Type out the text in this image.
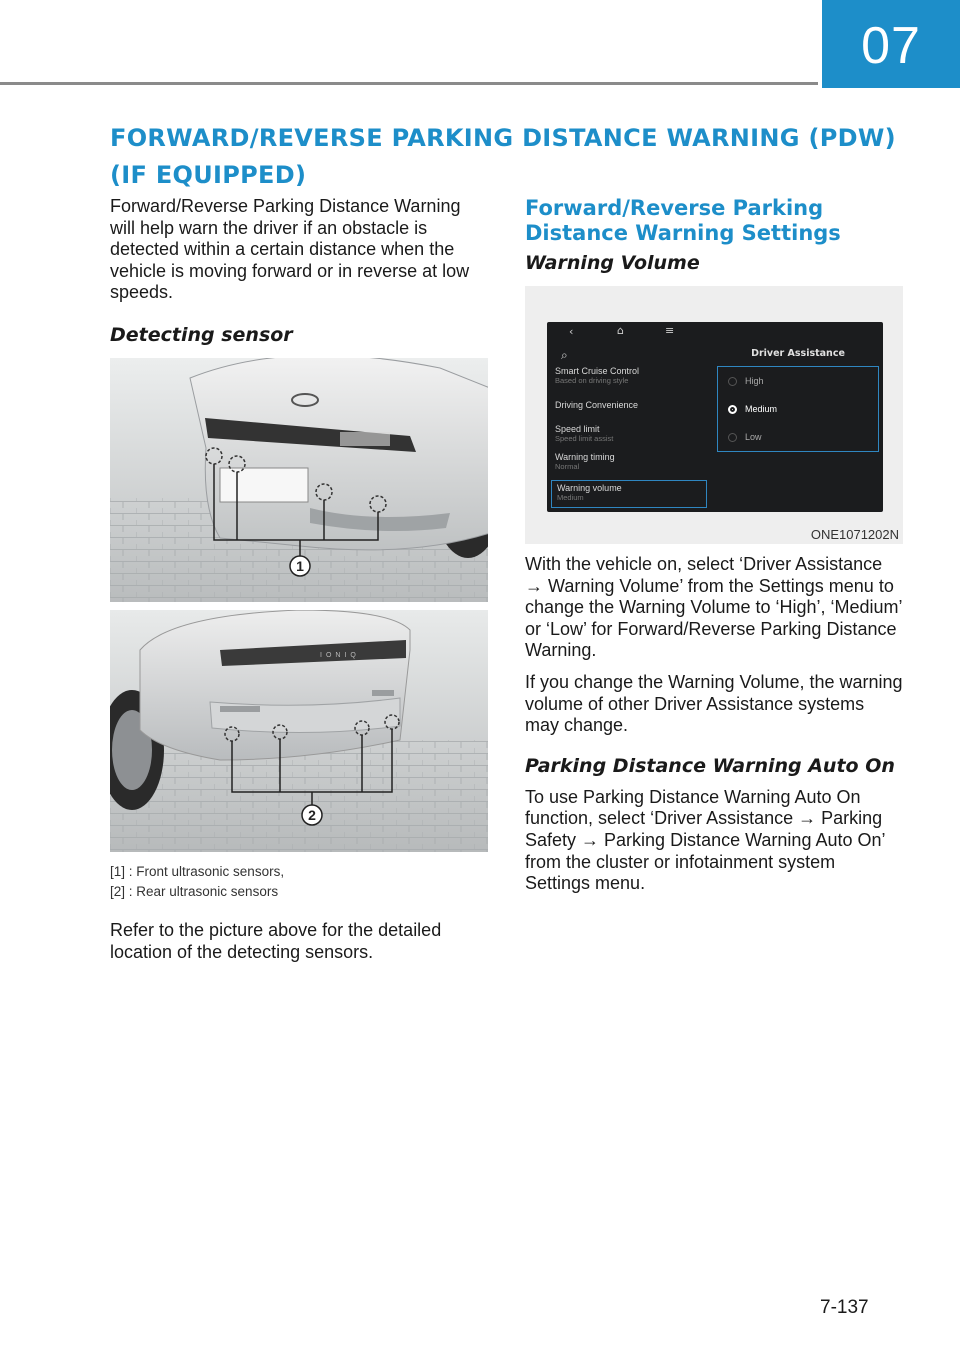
07
FORWARD/REVERSE PARKING DISTANCE WARNING (PDW) (IF EQUIPPED)

Forward/Reverse Parking Distance Warning will help warn the driver if an obstacle is detected within a certain distance when the vehicle is moving forward or in reverse at low speeds.

Detecting sensor
1
IONIQ
2

[1] : Front ultrasonic sensors,

[2] : Rear ultrasonic sensors

Refer to the picture above for the detailed location of the detecting sensors.

Forward/Reverse Parking Distance Warning Settings
Warning Volume
‹	⌂	≡
⌕
Smart Cruise Control
Based on driving style
Driving Convenience
Speed limit
Speed limit assist
Warning timing
Normal
Warning volume
Medium
Driver Assistance
High
Medium
Low
ONE1071202N

With the vehicle on, select ‘Driver Assistance → Warning Volume’ from the Settings menu to change the Warning Volume to ‘High’, ‘Medium’ or ‘Low’ for Forward/Reverse Parking Distance Warning.

If you change the Warning Volume, the warning volume of other Driver Assistance systems may change.

Parking Distance Warning Auto On

To use Parking Distance Warning Auto On function, select ‘Driver Assistance → Parking Safety → Parking Distance Warning Auto On’ from the cluster or infotainment system Settings menu.

7-137
